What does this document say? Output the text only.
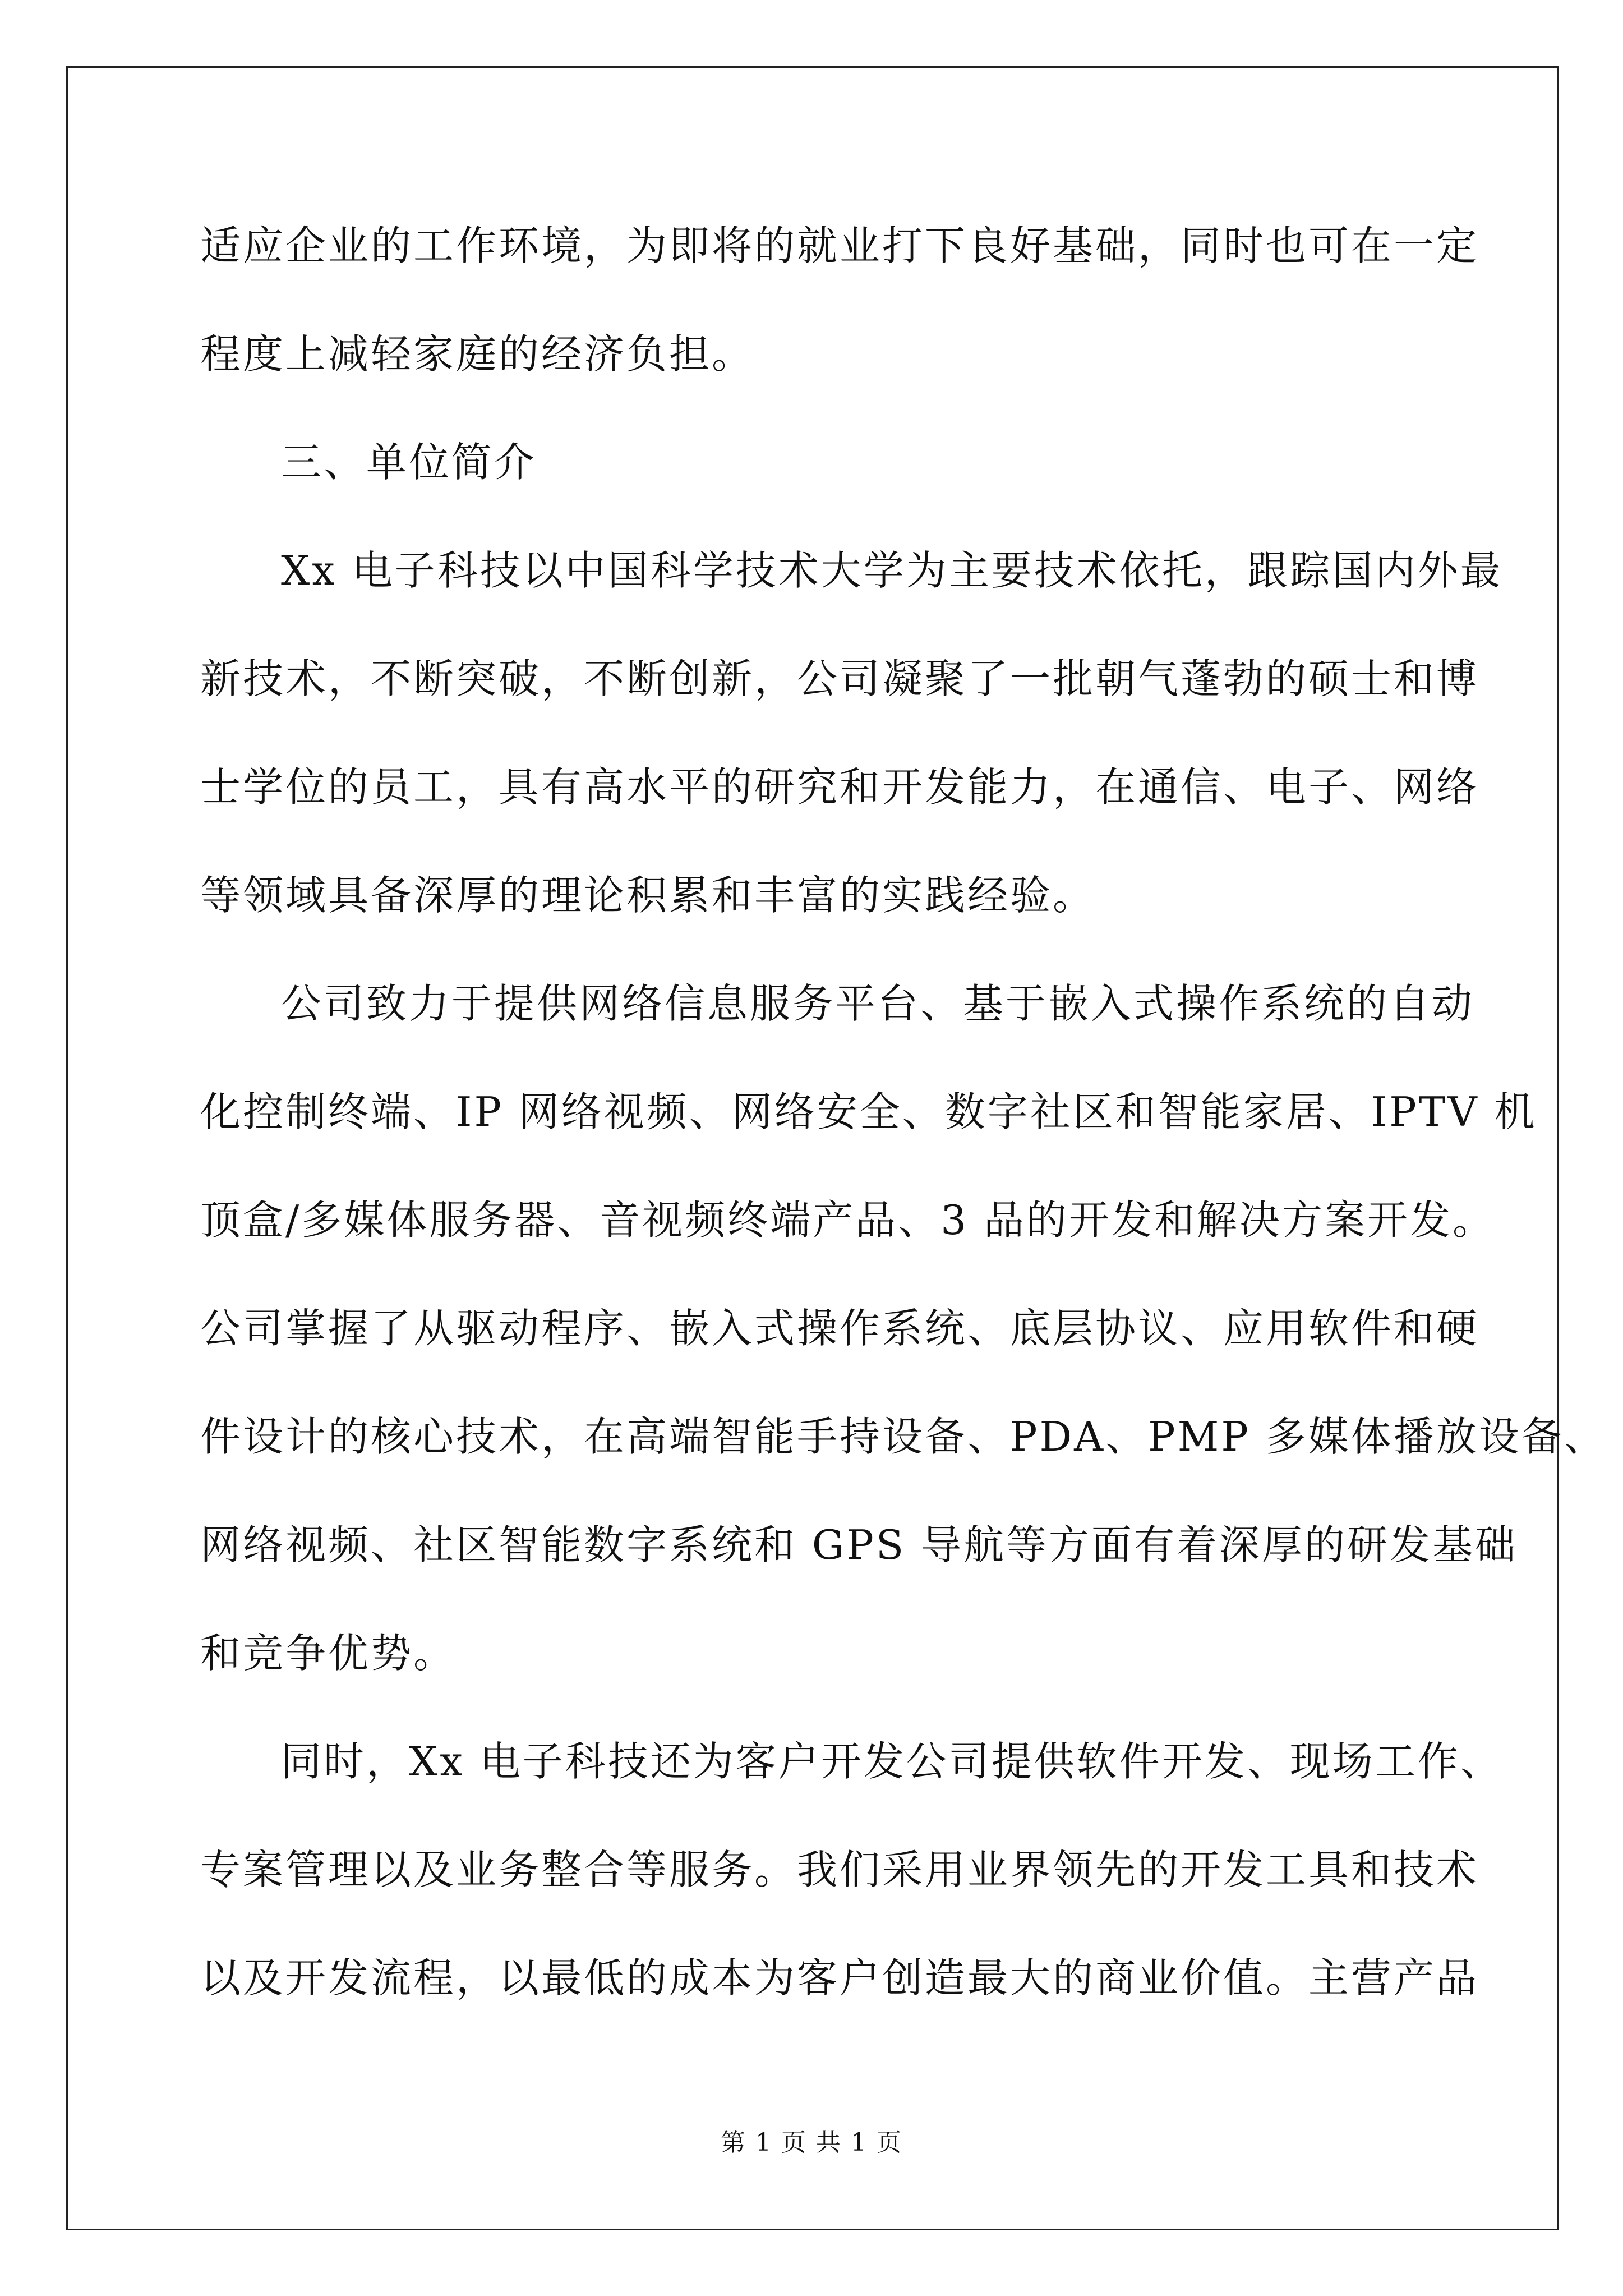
适应企业的工作环境，为即将的就业打下良好基础，同时也可在一定
程度上减轻家庭的经济负担。
三、单位简介
Xx 电子科技以中国科学技术大学为主要技术依托，跟踪国内外最
新技术，不断突破，不断创新，公司凝聚了一批朝气蓬勃的硕士和博
士学位的员工，具有高水平的研究和开发能力，在通信、电子、网络
等领域具备深厚的理论积累和丰富的实践经验。
公司致力于提供网络信息服务平台、基于嵌入式操作系统的自动
化控制终端、IP 网络视频、网络安全、数字社区和智能家居、IPTV 机
顶盒/多媒体服务器、音视频终端产品、3 品的开发和解决方案开发。
公司掌握了从驱动程序、嵌入式操作系统、底层协议、应用软件和硬
件设计的核心技术，在高端智能手持设备、PDA、PMP 多媒体播放设备、
网络视频、社区智能数字系统和 GPS 导航等方面有着深厚的研发基础
和竞争优势。
同时，Xx 电子科技还为客户开发公司提供软件开发、现场工作、
专案管理以及业务整合等服务。我们采用业界领先的开发工具和技术
以及开发流程，以最低的成本为客户创造最大的商业价值。主营产品
第 1 页 共 1 页
